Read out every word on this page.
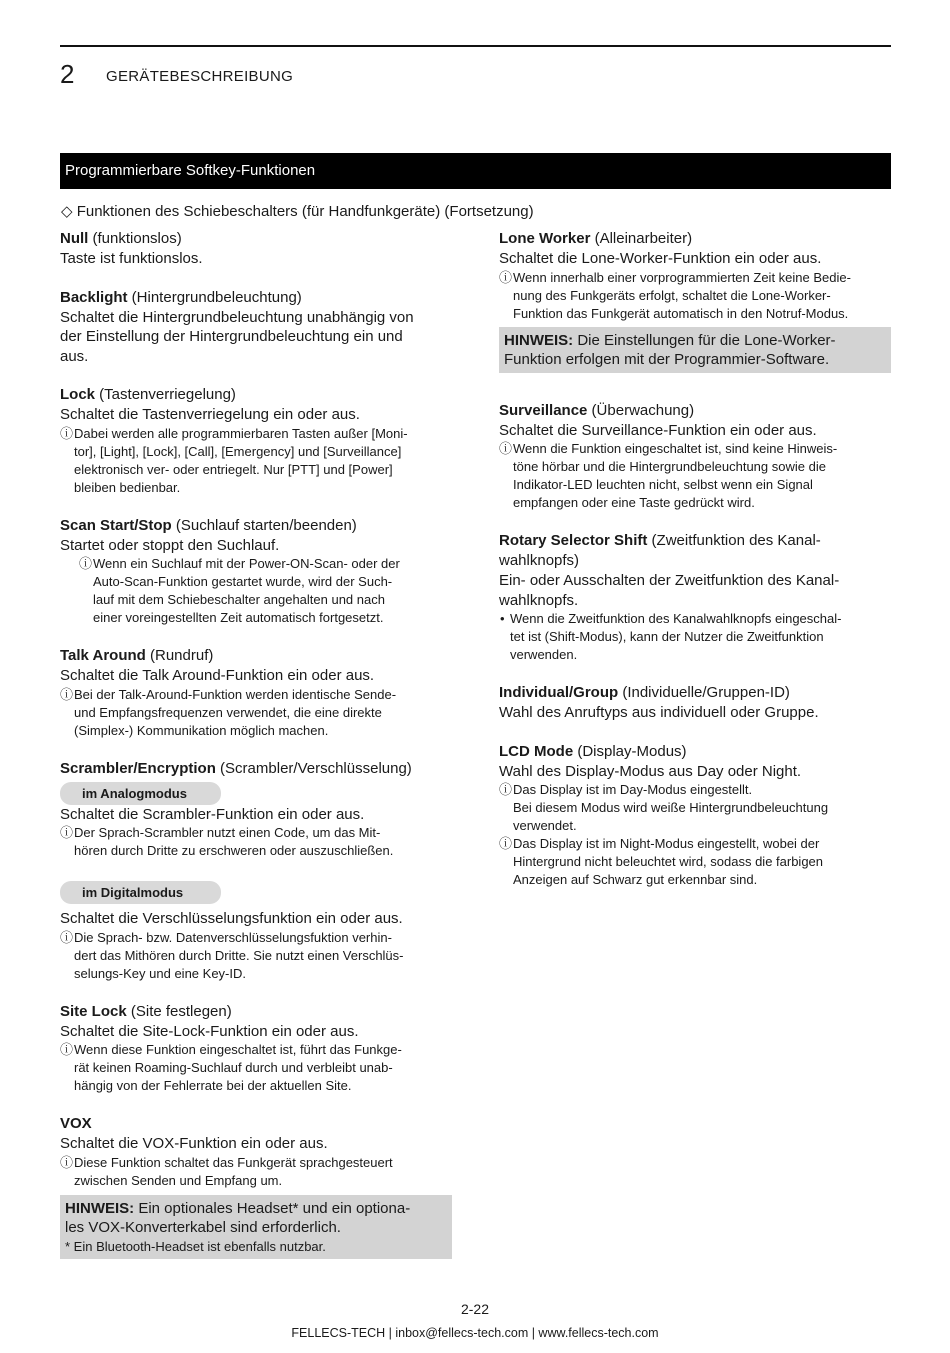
2 GERÄTEBESCHREIBUNG
Programmierbare Softkey-Funktionen
◇ Funktionen des Schiebeschalters (für Handfunkgeräte) (Fortsetzung)

Null (funktionslos)

Taste ist funktionslos.

Backlight (Hintergrundbeleuchtung)

Schaltet die Hintergrundbeleuchtung unabhängig von
der Einstellung der Hintergrundbeleuchtung ein und
aus.

Lock (Tastenverriegelung)

Schaltet die Tastenverriegelung ein oder aus.

ⓘ Dabei werden alle programmierbaren Tasten außer [Moni-
tor], [Light], [Lock], [Call], [Emergency] und [Surveillance]
elektronisch ver- oder entriegelt. Nur [PTT] und [Power]
bleiben bedienbar.

Scan Start/Stop (Suchlauf starten/beenden)

Startet oder stoppt den Suchlauf.

ⓘ Wenn ein Suchlauf mit der Power-ON-Scan- oder der
Auto-Scan-Funktion gestartet wurde, wird der Such-
lauf mit dem Schiebeschalter angehalten und nach
einer voreingestellten Zeit automatisch fortgesetzt.

Talk Around (Rundruf)

Schaltet die Talk Around-Funktion ein oder aus.

ⓘ Bei der Talk-Around-Funktion werden identische Sende-
und Empfangsfrequenzen verwendet, die eine direkte
(Simplex-) Kommunikation möglich machen.

Scrambler/Encryption (Scrambler/Verschlüsselung)

im Analogmodus

Schaltet die Scrambler-Funktion ein oder aus.

ⓘ Der Sprach-Scrambler nutzt einen Code, um das Mit-
hören durch Dritte zu erschweren oder auszuschließen.

im Digitalmodus

Schaltet die Verschlüsselungsfunktion ein oder aus.

ⓘ Die Sprach- bzw. Datenverschlüsselungsfuktion verhin-
dert das Mithören durch Dritte. Sie nutzt einen Verschlüs-
selungs-Key und eine Key-ID.

Site Lock (Site festlegen)

Schaltet die Site-Lock-Funktion ein oder aus.

ⓘ Wenn diese Funktion eingeschaltet ist, führt das Funkge-
rät keinen Roaming-Suchlauf durch und verbleibt unab-
hängig von der Fehlerrate bei der aktuellen Site.

VOX

Schaltet die VOX-Funktion ein oder aus.

ⓘ Diese Funktion schaltet das Funkgerät sprachgesteuert
zwischen Senden und Empfang um.

HINWEIS: Ein optionales Headset* und ein optiona-
les VOX-Konverterkabel sind erforderlich.

* Ein Bluetooth-Headset ist ebenfalls nutzbar.

Lone Worker (Alleinarbeiter)

Schaltet die Lone-Worker-Funktion ein oder aus.

ⓘ Wenn innerhalb einer vorprogrammierten Zeit keine Bedie-
nung des Funkgeräts erfolgt, schaltet die Lone-Worker-
Funktion das Funkgerät automatisch in den Notruf-Modus.

HINWEIS: Die Einstellungen für die Lone-Worker-
Funktion erfolgen mit der Programmier-Software.

Surveillance (Überwachung)

Schaltet die Surveillance-Funktion ein oder aus.

ⓘ Wenn die Funktion eingeschaltet ist, sind keine Hinweis-
töne hörbar und die Hintergrundbeleuchtung sowie die
Indikator-LED leuchten nicht, selbst wenn ein Signal
empfangen oder eine Taste gedrückt wird.

Rotary Selector Shift (Zweitfunktion des Kanal-
wahlknopfs)

Ein- oder Ausschalten der Zweitfunktion des Kanal-
wahlknopfs.

• Wenn die Zweitfunktion des Kanalwahlknopfs eingeschal-
tet ist (Shift-Modus), kann der Nutzer die Zweitfunktion
verwenden.

Individual/Group (Individuelle/Gruppen-ID)

Wahl des Anruftyps aus individuell oder Gruppe.

LCD Mode (Display-Modus)

Wahl des Display-Modus aus Day oder Night.

ⓘ Das Display ist im Day-Modus eingestellt.
Bei diesem Modus wird weiße Hintergrundbeleuchtung
verwendet.

ⓘ Das Display ist im Night-Modus eingestellt, wobei der
Hintergrund nicht beleuchtet wird, sodass die farbigen
Anzeigen auf Schwarz gut erkennbar sind.

2-22
FELLECS-TECH | inbox@fellecs-tech.com | www.fellecs-tech.com
